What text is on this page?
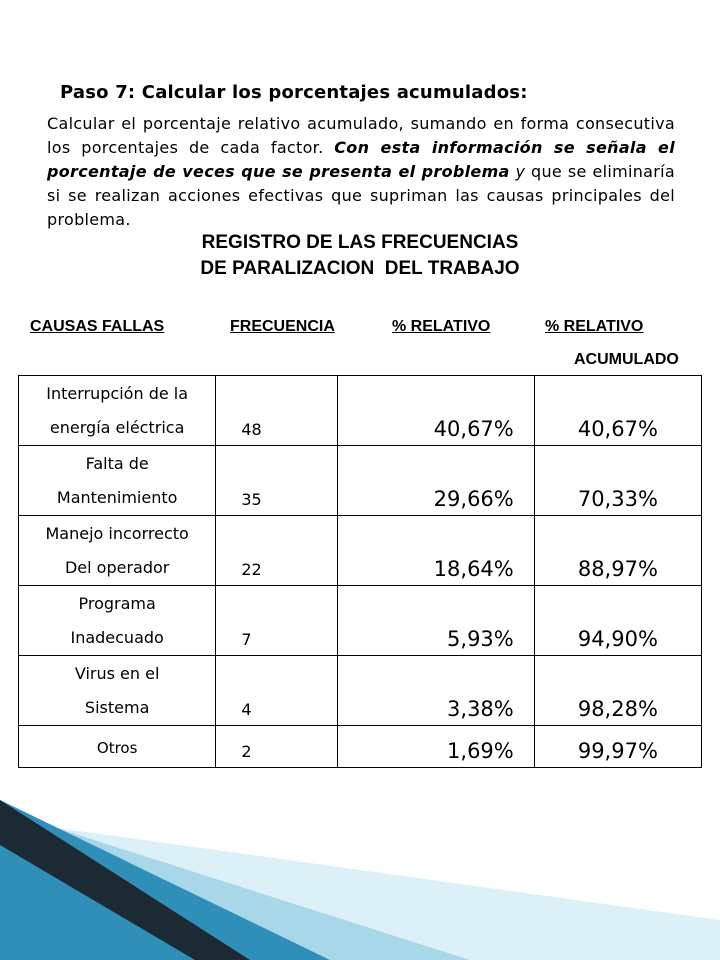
Paso 7: Calcular los porcentajes acumulados:
Calcular el porcentaje relativo acumulado, sumando en forma consecutiva los porcentajes de cada factor. Con esta información se señala el porcentaje de veces que se presenta el problema y que se eliminaría si se realizan acciones efectivas que supriman las causas principales del problema.
REGISTRO DE LAS FRECUENCIAS
DE PARALIZACION  DEL TRABAJO
CAUSAS FALLAS	FRECUENCIA	% RELATIVO	% RELATIVO
ACUMULADO
Interrupción de la
energía eléctrica	48	40,67%	40,67%

Falta de
Mantenimiento	35	29,66%	70,33%

Manejo incorrecto
Del operador	22	18,64%	88,97%

Programa
Inadecuado	7	5,93%	94,90%

Virus en el
Sistema	4	3,38%	98,28%

Otros	2	1,69%	99,97%
